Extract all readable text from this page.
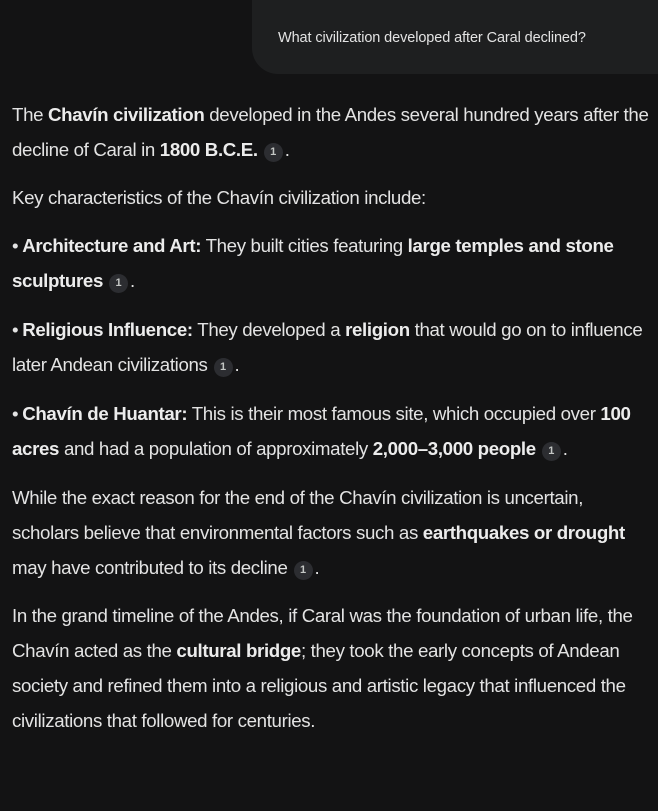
What civilization developed after Caral declined?

The Chavín civilization developed in the Andes several hundred years after the decline of Caral in 1800 B.C.E. 1 .

Key characteristics of the Chavín civilization include:

• Architecture and Art: They built cities featuring large temples and stone sculptures 1 .

• Religious Influence: They developed a religion that would go on to influence later Andean civilizations 1 .

• Chavín de Huantar: This is their most famous site, which occupied over 100 acres and had a population of approximately 2,000–3,000 people 1 .

While the exact reason for the end of the Chavín civilization is uncertain, scholars believe that environmental factors such as earthquakes or drought may have contributed to its decline 1 .

In the grand timeline of the Andes, if Caral was the foundation of urban life, the Chavín acted as the cultural bridge; they took the early concepts of Andean society and refined them into a religious and artistic legacy that influenced the civilizations that followed for centuries.
